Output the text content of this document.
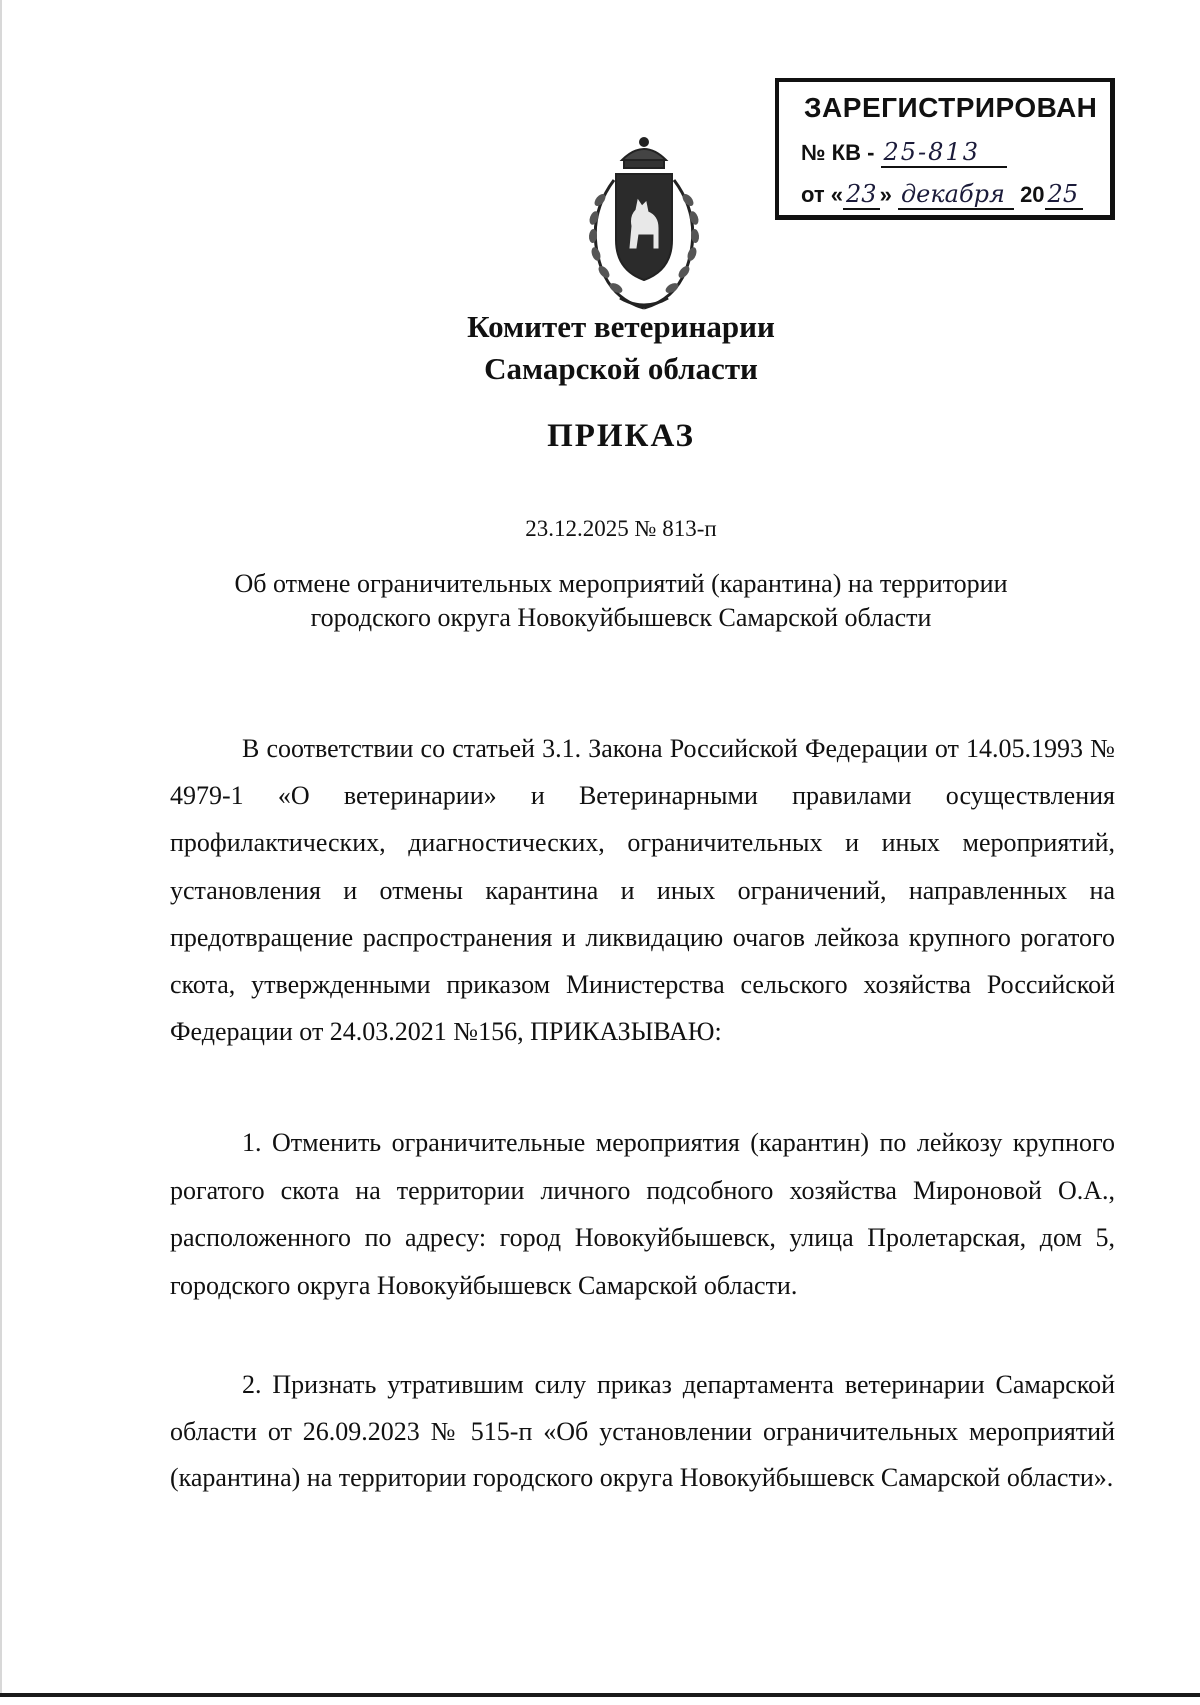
ЗАРЕГИСТРИРОВАН
№ КВ - 25-813
от « 23 » декабря 20 25
Комитет ветеринарии
Самарской области
ПРИКАЗ
23.12.2025 № 813-п
Об отмене ограничительных мероприятий (карантина) на территории
городского округа Новокуйбышевск Самарской области

В соответствии со статьей 3.1. Закона Российской Федерации от 14.05.1993 № 4979-1 «О ветеринарии» и Ветеринарными правилами осуществления профилактических, диагностических, ограничительных и иных мероприятий, установления и отмены карантина и иных ограничений, направленных на предотвращение распространения и ликвидацию очагов лейкоза крупного рогатого скота, утвержденными приказом Министерства сельского хозяйства Российской Федерации от 24.03.2021 №156, ПРИКАЗЫВАЮ:

1. Отменить ограничительные мероприятия (карантин) по лейкозу крупного рогатого скота на территории личного подсобного хозяйства Мироновой О.А., расположенного по адресу: город Новокуйбышевск, улица Пролетарская, дом 5, городского округа Новокуйбышевск Самарской области.

2. Признать утратившим силу приказ департамента ветеринарии Самарской области от 26.09.2023 № 515-п «Об установлении ограничительных мероприятий (карантина) на территории городского округа Новокуйбышевск Самарской области».
